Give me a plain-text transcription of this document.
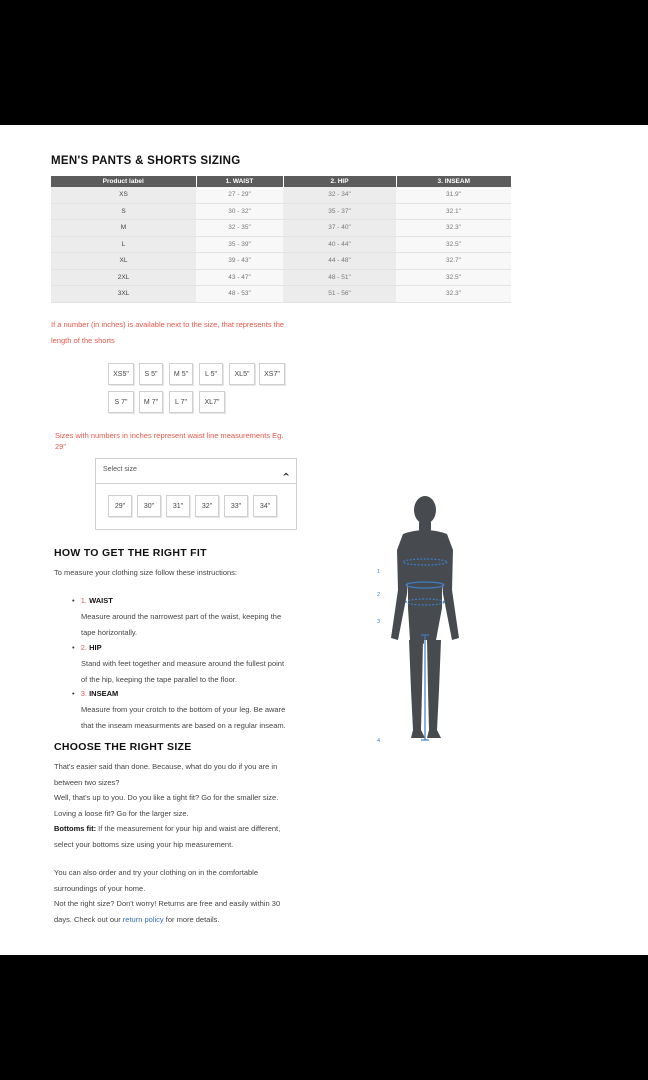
MEN'S PANTS & SHORTS SIZING
Product label	1. WAIST	2. HIP	3. INSEAM
XS	27 - 29"	32 - 34"	31.9"
S	30 - 32"	35 - 37"	32.1"
M	32 - 35"	37 - 40"	32.3"
L	35 - 39"	40 - 44"	32.5"
XL	39 - 43"	44 - 48"	32.7"
2XL	43 - 47"	48 - 51"	32.5"
3XL	48 - 53"	51 - 56"	32.3"
If a number (in inches) is available next to the size, that represents the
length of the shorts
XS5"	S 5"	M 5"	L 5"	XL5"	XS7"
S 7"	M 7"	L 7"	XL7"
Sizes with numbers in inches represent waist line measurements Eg.
29"
Select size	‸
29"	30"	31"	32"	33"	34"
HOW TO GET THE RIGHT FIT
To measure your clothing size follow these instructions:
• 1. WAIST
Measure around the narrowest part of the waist, keeping the
tape horizontally.
• 2. HIP
Stand with feet together and measure around the fullest point
of the hip, keeping the tape parallel to the floor.
• 3. INSEAM
Measure from your crotch to the bottom of your leg. Be aware
that the inseam measurments are based on a regular inseam.
CHOOSE THE RIGHT SIZE
That's easier said than done. Because, what do you do if you are in
between two sizes?
Well, that's up to you. Do you like a tight fit? Go for the smaller size.
Loving a loose fit? Go for the larger size.
Bottoms fit: If the measurement for your hip and waist are different,
select your bottoms size using your hip measurement.
You can also order and try your clothing on in the comfortable
surroundings of your home.
Not the right size? Don't worry! Returns are free and easily within 30
days. Check out our return policy for more details.
1
2
3
4
